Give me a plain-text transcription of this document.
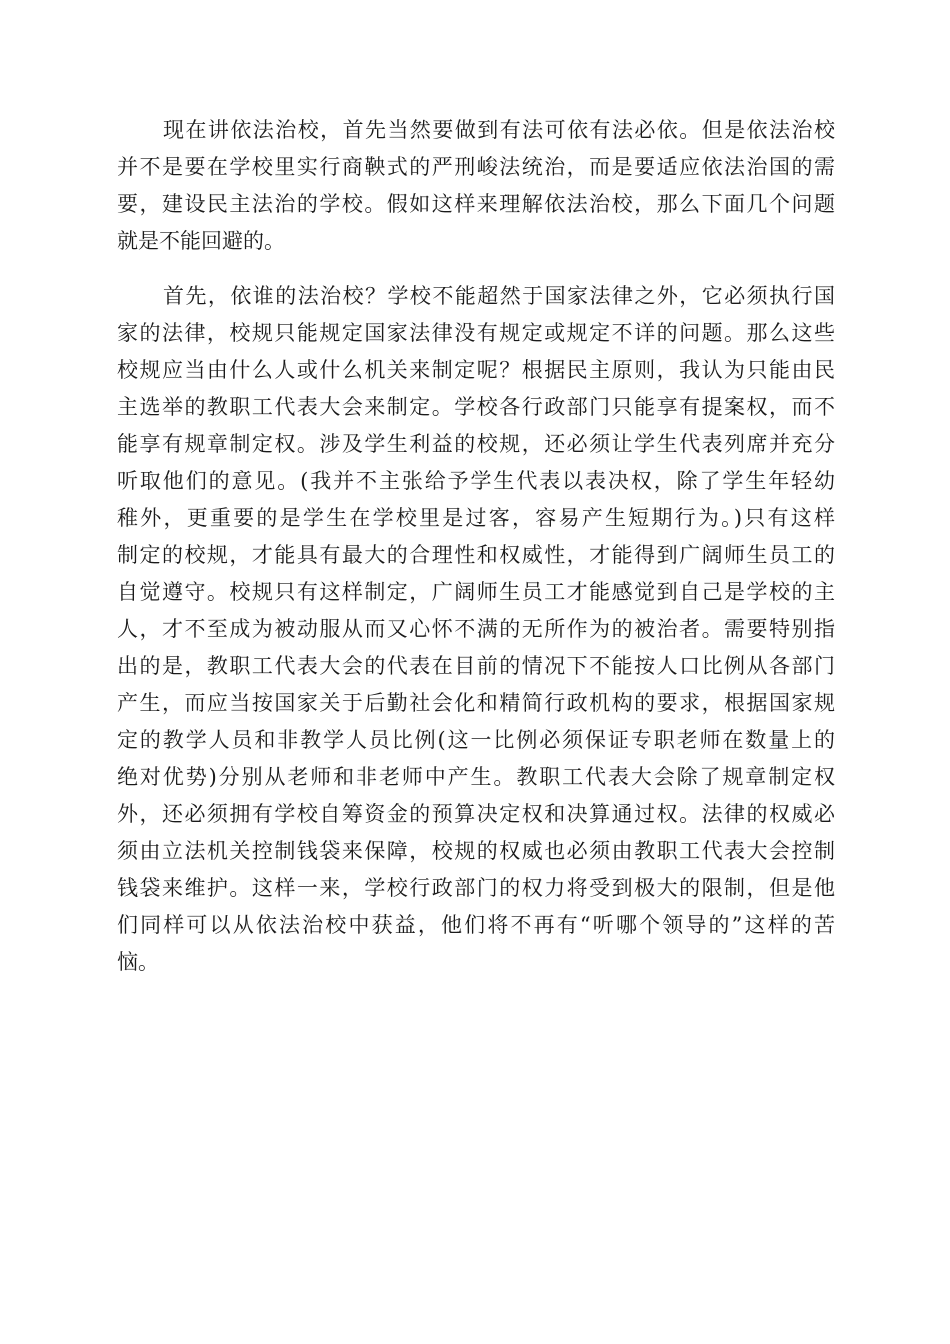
现在讲依法治校，首先当然要做到有法可依有法必依。但是依法治校
并不是要在学校里实行商鞅式的严刑峻法统治，而是要适应依法治国的需
要，建设民主法治的学校。假如这样来理解依法治校，那么下面几个问题
就是不能回避的。
首先，依谁的法治校？学校不能超然于国家法律之外，它必须执行国
家的法律，校规只能规定国家法律没有规定或规定不详的问题。那么这些
校规应当由什么人或什么机关来制定呢？根据民主原则，我认为只能由民
主选举的教职工代表大会来制定。学校各行政部门只能享有提案权，而不
能享有规章制定权。涉及学生利益的校规，还必须让学生代表列席并充分
听取他们的意见。(我并不主张给予学生代表以表决权，除了学生年轻幼
稚外，更重要的是学生在学校里是过客，容易产生短期行为。)只有这样
制定的校规，才能具有最大的合理性和权威性，才能得到广阔师生员工的
自觉遵守。校规只有这样制定，广阔师生员工才能感觉到自己是学校的主
人，才不至成为被动服从而又心怀不满的无所作为的被治者。需要特别指
出的是，教职工代表大会的代表在目前的情况下不能按人口比例从各部门
产生，而应当按国家关于后勤社会化和精简行政机构的要求，根据国家规
定的教学人员和非教学人员比例(这一比例必须保证专职老师在数量上的
绝对优势)分别从老师和非老师中产生。教职工代表大会除了规章制定权
外，还必须拥有学校自筹资金的预算决定权和决算通过权。法律的权威必
须由立法机关控制钱袋来保障，校规的权威也必须由教职工代表大会控制
钱袋来维护。这样一来，学校行政部门的权力将受到极大的限制，但是他
们同样可以从依法治校中获益，他们将不再有“听哪个领导的”这样的苦
恼。
